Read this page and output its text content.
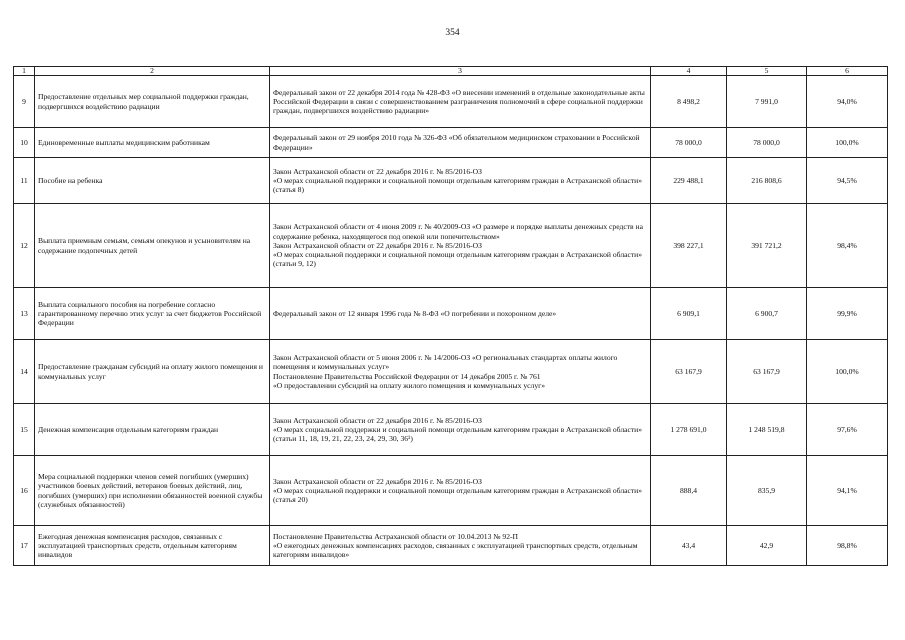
354
1	2	3	4	5	6
9	Предоставление отдельных мер социальной поддержки граждан, подвергшихся воздействию радиации	Федеральный закон от 22 декабря 2014 года № 428-ФЗ «О внесении изменений в отдельные законодательные акты Российской Федерации в связи с совершенствованием разграничения полномочий в сфере социальной поддержки граждан, подвергшихся воздействию радиации»	8 498,2	7 991,0	94,0%
10	Единовременные выплаты медицинским работникам	Федеральный закон от 29 ноября 2010 года № 326-ФЗ «Об обязательном медицинском страховании в Российской Федерации»	78 000,0	78 000,0	100,0%
11	Пособие на ребенка	Закон Астраханской области от 22 декабря 2016 г. № 85/2016-ОЗ
«О мерах социальной поддержки и социальной помощи отдельным категориям граждан в Астраханской области» (статья 8)	229 488,1	216 808,6	94,5%
12	Выплата приемным семьям, семьям опекунов и усыновителям на содержание подопечных детей	Закон Астраханской области от 4 июня 2009 г. № 40/2009-ОЗ «О размере и порядке выплаты денежных средств на содержание ребенка, находящегося под опекой или попечительством»
Закон Астраханской области от 22 декабря 2016 г. № 85/2016-ОЗ
«О мерах социальной поддержки и социальной помощи отдельным категориям граждан в Астраханской области» (статьи 9, 12)	398 227,1	391 721,2	98,4%
13	Выплата социального пособия на погребение согласно гарантированному перечню этих услуг за счет бюджетов Российской Федерации	Федеральный закон от 12 января 1996 года № 8-ФЗ «О погребении и похоронном деле»	6 909,1	6 900,7	99,9%
14	Предоставление гражданам субсидий на оплату жилого помещения и коммунальных услуг	Закон Астраханской области от 5 июня 2006 г. № 14/2006-ОЗ «О региональных стандартах оплаты жилого помещения и коммунальных услуг»
Постановление Правительства Российской Федерации от 14 декабря 2005 г. № 761
«О предоставлении субсидий на оплату жилого помещения и коммунальных услуг»	63 167,9	63 167,9	100,0%
15	Денежная компенсация отдельным категориям граждан	Закон Астраханской области от 22 декабря 2016 г. № 85/2016-ОЗ
«О мерах социальной поддержки и социальной помощи отдельным категориям граждан в Астраханской области» (статьи 11, 18, 19, 21, 22, 23, 24, 29, 30, 36¹)	1 278 691,0	1 248 519,8	97,6%
16	Мера социальной поддержки членов семей погибших (умерших) участников боевых действий, ветеранов боевых действий, лиц, погибших (умерших) при исполнении обязанностей военной службы (служебных обязанностей)	Закон Астраханской области от 22 декабря 2016 г. № 85/2016-ОЗ
«О мерах социальной поддержки и социальной помощи отдельным категориям граждан в Астраханской области» (статья 20)	888,4	835,9	94,1%
17	Ежегодная денежная компенсация расходов, связанных с эксплуатацией транспортных средств, отдельным категориям инвалидов	Постановление Правительства Астраханской области от 10.04.2013 № 92-П
«О ежегодных денежных компенсациях расходов, связанных с эксплуатацией транспортных средств, отдельным категориям инвалидов»	43,4	42,9	98,8%
